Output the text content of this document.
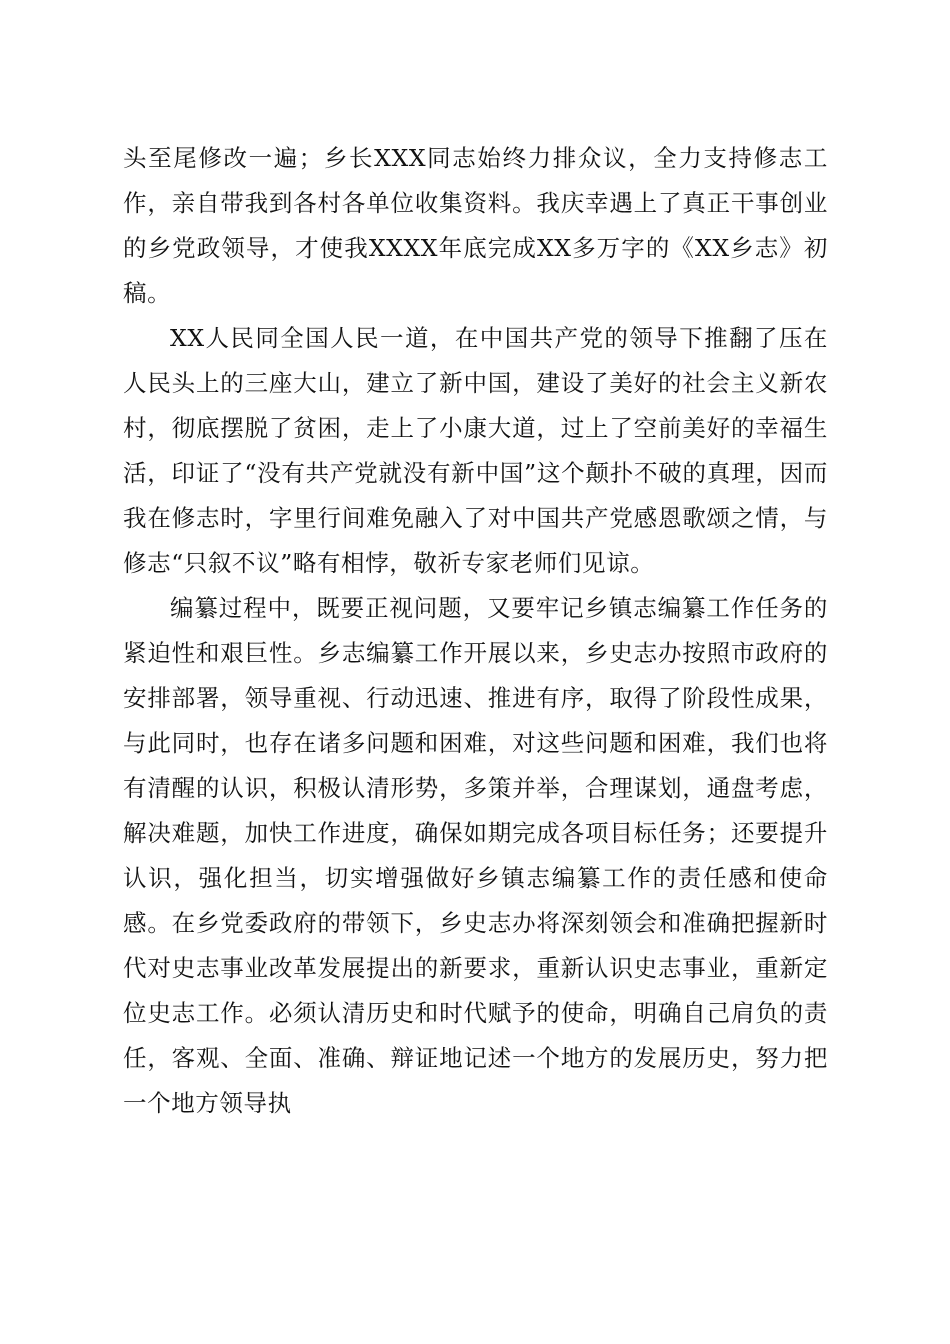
头至尾修改一遍；乡长XXX同志始终力排众议，全力支持修志工作，亲自带我到各村各单位收集资料。我庆幸遇上了真正干事创业的乡党政领导，才使我XXXX年底完成XX多万字的《XX乡志》初稿。

XX人民同全国人民一道，在中国共产党的领导下推翻了压在人民头上的三座大山，建立了新中国，建设了美好的社会主义新农村，彻底摆脱了贫困，走上了小康大道，过上了空前美好的幸福生活，印证了“没有共产党就没有新中国”这个颠扑不破的真理，因而我在修志时，字里行间难免融入了对中国共产党感恩歌颂之情，与修志“只叙不议”略有相悖，敬祈专家老师们见谅。

编纂过程中，既要正视问题，又要牢记乡镇志编纂工作任务的紧迫性和艰巨性。乡志编纂工作开展以来，乡史志办按照市政府的安排部署，领导重视、行动迅速、推进有序，取得了阶段性成果，与此同时，也存在诸多问题和困难，对这些问题和困难，我们也将有清醒的认识，积极认清形势，多策并举，合理谋划，通盘考虑，解决难题，加快工作进度，确保如期完成各项目标任务；还要提升认识，强化担当，切实增强做好乡镇志编纂工作的责任感和使命感。在乡党委政府的带领下，乡史志办将深刻领会和准确把握新时代对史志事业改革发展提出的新要求，重新认识史志事业，重新定位史志工作。必须认清历史和时代赋予的使命，明确自己肩负的责任，客观、全面、准确、辩证地记述一个地方的发展历史，努力把一个地方领导执
